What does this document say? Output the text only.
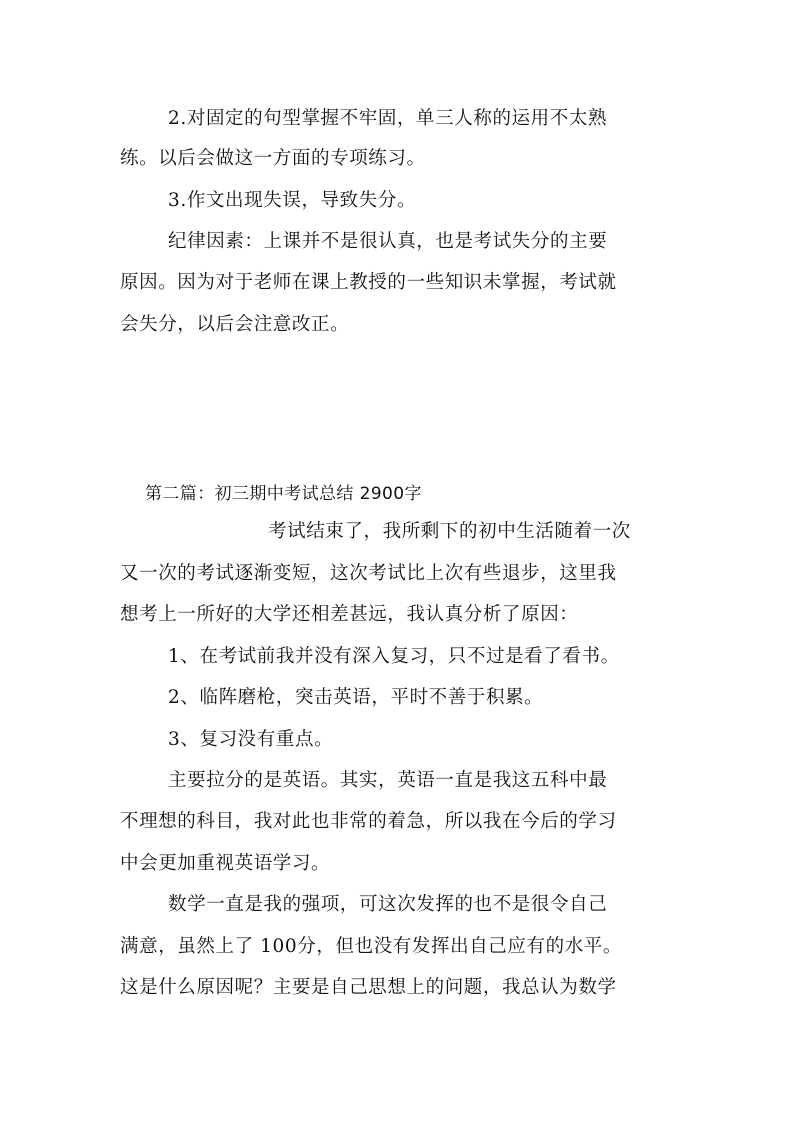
2.对固定的句型掌握不牢固，单三人称的运用不太熟
练。以后会做这一方面的专项练习。
3.作文出现失误，导致失分。
纪律因素：上课并不是很认真，也是考试失分的主要
原因。因为对于老师在课上教授的一些知识未掌握，考试就
会失分，以后会注意改正。
第二篇：初三期中考试总结 2900字
考试结束了，我所剩下的初中生活随着一次
又一次的考试逐渐变短，这次考试比上次有些退步，这里我
想考上一所好的大学还相差甚远，我认真分析了原因：
1、在考试前我并没有深入复习，只不过是看了看书。
2、临阵磨枪，突击英语，平时不善于积累。
3、复习没有重点。
主要拉分的是英语。其实，英语一直是我这五科中最
不理想的科目，我对此也非常的着急，所以我在今后的学习
中会更加重视英语学习。
数学一直是我的强项，可这次发挥的也不是很令自己
满意，虽然上了 100分，但也没有发挥出自己应有的水平。
这是什么原因呢？主要是自己思想上的问题，我总认为数学
